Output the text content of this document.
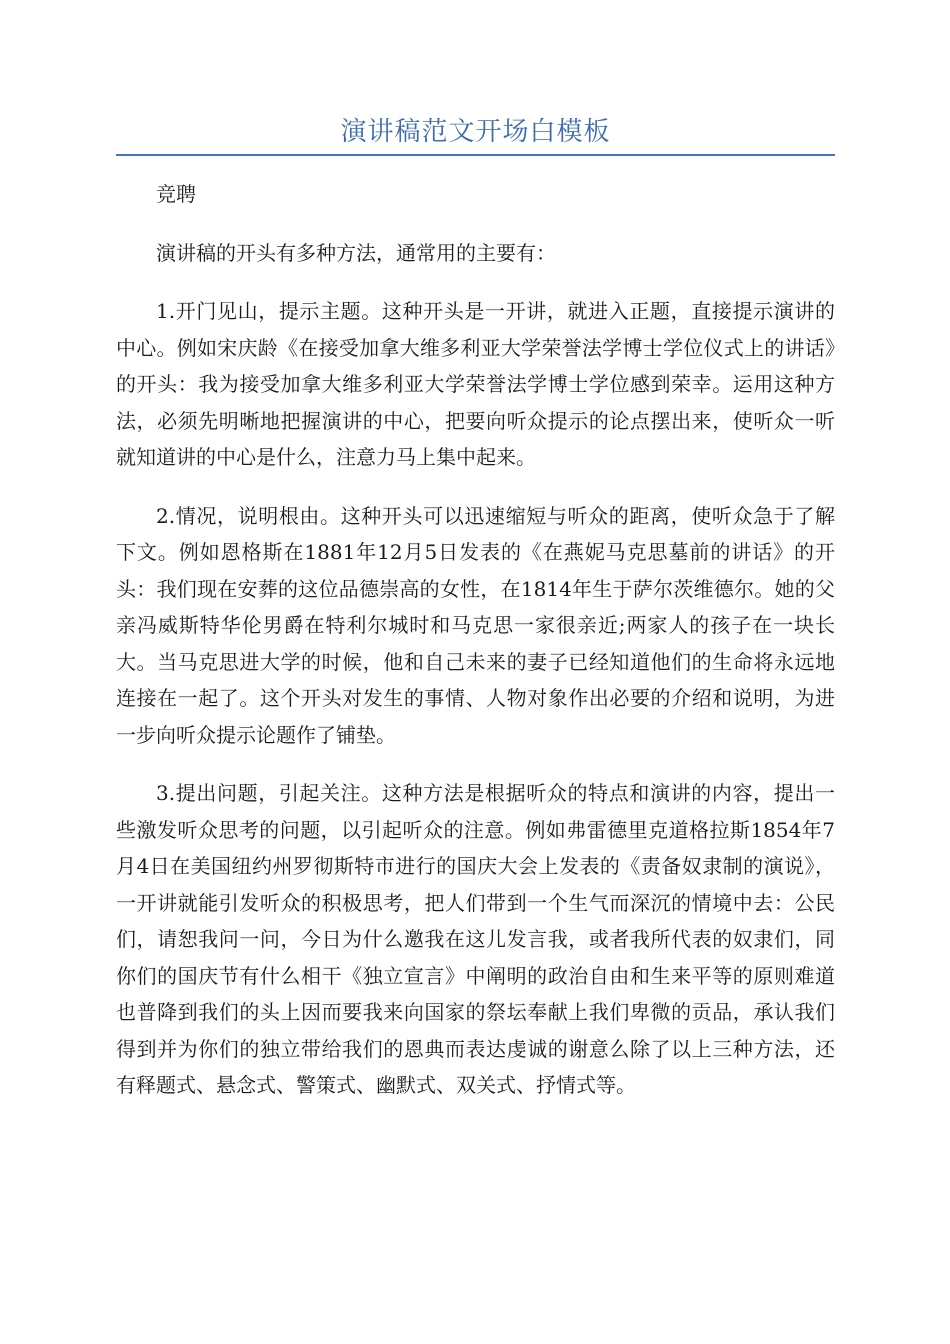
演讲稿范文开场白模板

竞聘

演讲稿的开头有多种方法，通常用的主要有：

1.开门见山，提示主题。这种开头是一开讲，就进入正题，直接提示演讲的中心。例如宋庆龄《在接受加拿大维多利亚大学荣誉法学博士学位仪式上的讲话》的开头：我为接受加拿大维多利亚大学荣誉法学博士学位感到荣幸。运用这种方法，必须先明晰地把握演讲的中心，把要向听众提示的论点摆出来，使听众一听就知道讲的中心是什么，注意力马上集中起来。

2.情况，说明根由。这种开头可以迅速缩短与听众的距离，使听众急于了解下文。例如恩格斯在1881年12月5日发表的《在燕妮马克思墓前的讲话》的开头：我们现在安葬的这位品德崇高的女性，在1814年生于萨尔茨维德尔。她的父亲冯威斯特华伦男爵在特利尔城时和马克思一家很亲近;两家人的孩子在一块长大。当马克思进大学的时候，他和自己未来的妻子已经知道他们的生命将永远地连接在一起了。这个开头对发生的事情、人物对象作出必要的介绍和说明，为进一步向听众提示论题作了铺垫。

3.提出问题，引起关注。这种方法是根据听众的特点和演讲的内容，提出一些激发听众思考的问题，以引起听众的注意。例如弗雷德里克道格拉斯1854年7月4日在美国纽约州罗彻斯特市进行的国庆大会上发表的《责备奴隶制的演说》，一开讲就能引发听众的积极思考，把人们带到一个生气而深沉的情境中去：公民们，请恕我问一问，今日为什么邀我在这儿发言我，或者我所代表的奴隶们，同你们的国庆节有什么相干《独立宣言》中阐明的政治自由和生来平等的原则难道也普降到我们的头上因而要我来向国家的祭坛奉献上我们卑微的贡品，承认我们得到并为你们的独立带给我们的恩典而表达虔诚的谢意么除了以上三种方法，还有释题式、悬念式、警策式、幽默式、双关式、抒情式等。
